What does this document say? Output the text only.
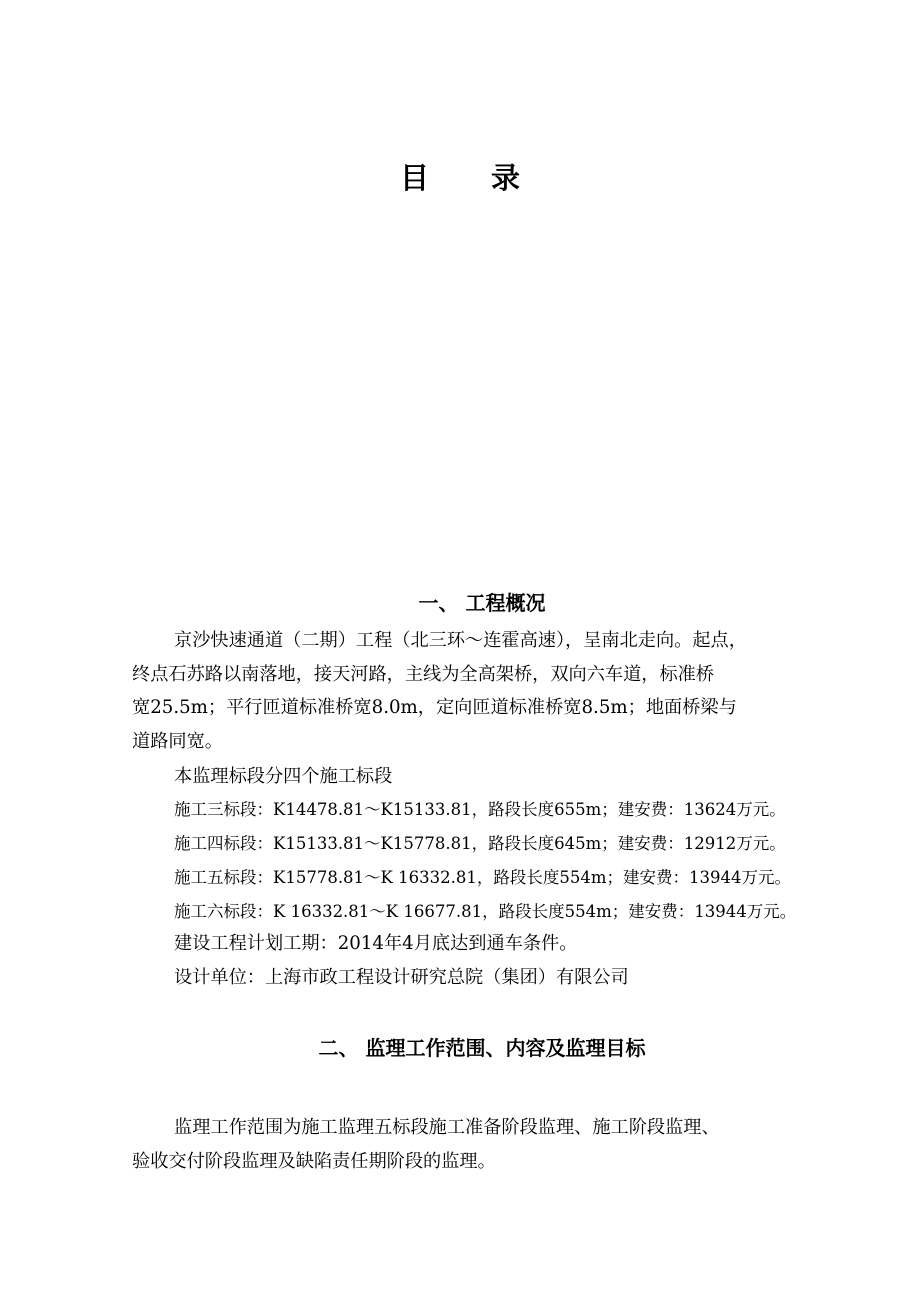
目录
一、 工程概况
京沙快速通道（二期）工程（北三环～连霍高速），呈南北走向。起点，
终点石苏路以南落地，接天河路，主线为全高架桥，双向六车道，标准桥
宽25.5m；平行匝道标准桥宽8.0m，定向匝道标准桥宽8.5m；地面桥梁与
道路同宽。
本监理标段分四个施工标段
施工三标段：K14478.81～K15133.81，路段长度655m；建安费：13624万元。
施工四标段：K15133.81～K15778.81，路段长度645m；建安费：12912万元。
施工五标段：K15778.81～K 16332.81，路段长度554m；建安费：13944万元。
施工六标段：K 16332.81～K 16677.81，路段长度554m；建安费：13944万元。
建设工程计划工期：2014年4月底达到通车条件。
设计单位：上海市政工程设计研究总院（集团）有限公司
二、 监理工作范围、内容及监理目标
监理工作范围为施工监理五标段施工准备阶段监理、施工阶段监理、
验收交付阶段监理及缺陷责任期阶段的监理。
